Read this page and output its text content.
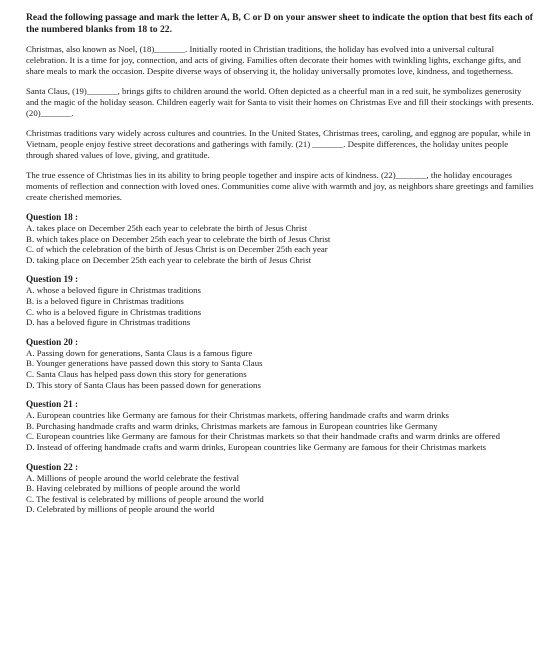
Read the following passage and mark the letter A, B, C or D on your answer sheet to indicate the option that best fits each of the numbered blanks from 18 to 22.

Christmas, also known as Noel, (18)_______. Initially rooted in Christian traditions, the holiday has evolved into a universal cultural celebration. It is a time for joy, connection, and acts of giving. Families often decorate their homes with twinkling lights, exchange gifts, and share meals to mark the occasion. Despite diverse ways of observing it, the holiday universally promotes love, kindness, and togetherness.

Santa Claus, (19)_______, brings gifts to children around the world. Often depicted as a cheerful man in a red suit, he symbolizes generosity and the magic of the holiday season. Children eagerly wait for Santa to visit their homes on Christmas Eve and fill their stockings with presents. (20)_______.

Christmas traditions vary widely across cultures and countries. In the United States, Christmas trees, caroling, and eggnog are popular, while in Vietnam, people enjoy festive street decorations and gatherings with family. (21) _______. Despite differences, the holiday unites people through shared values of love, giving, and gratitude.

The true essence of Christmas lies in its ability to bring people together and inspire acts of kindness. (22)_______, the holiday encourages moments of reflection and connection with loved ones. Communities come alive with warmth and joy, as neighbors share greetings and families create cherished memories.

Question 18 :
A. takes place on December 25th each year to celebrate the birth of Jesus Christ
B. which takes place on December 25th each year to celebrate the birth of Jesus Christ
C. of which the celebration of the birth of Jesus Christ is on December 25th each year
D. taking place on December 25th each year to celebrate the birth of Jesus Christ
Question 19 :
A. whose a beloved figure in Christmas traditions
B. is a beloved figure in Christmas traditions
C. who is a beloved figure in Christmas traditions
D. has a beloved figure in Christmas traditions
Question 20 :
A. Passing down for generations, Santa Claus is a famous figure
B. Younger generations have passed down this story to Santa Claus
C. Santa Claus has helped pass down this story for generations
D. This story of Santa Claus has been passed down for generations
Question 21 :
A. European countries like Germany are famous for their Christmas markets, offering handmade crafts and warm drinks
B. Purchasing handmade crafts and warm drinks, Christmas markets are famous in European countries like Germany
C. European countries like Germany are famous for their Christmas markets so that their handmade crafts and warm drinks are offered
D. Instead of offering handmade crafts and warm drinks, European countries like Germany are famous for their Christmas markets
Question 22 :
A. Millions of people around the world celebrate the festival
B. Having celebrated by millions of people around the world
C. The festival is celebrated by millions of people around the world
D. Celebrated by millions of people around the world
